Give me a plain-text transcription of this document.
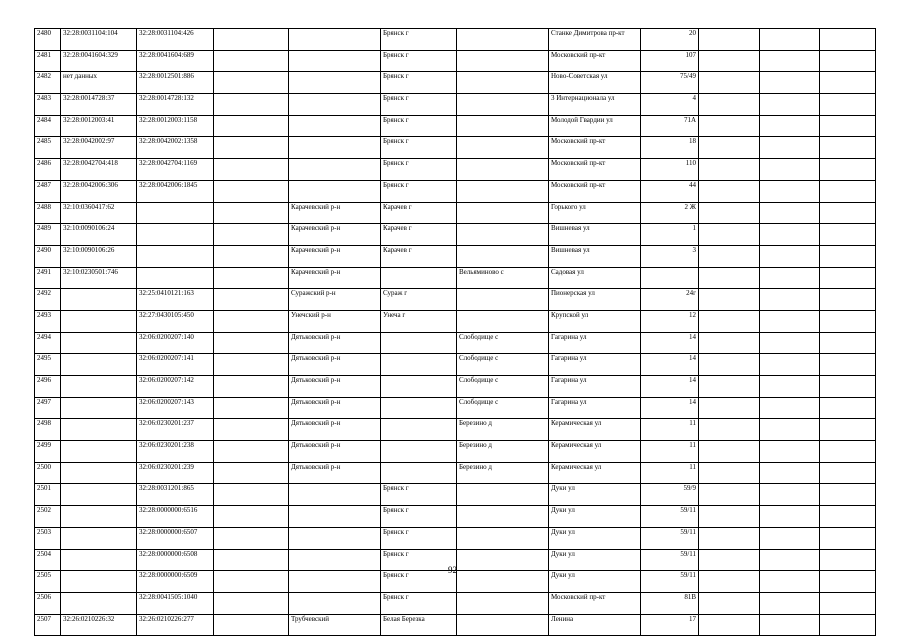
2480	32:28:0031104:104	32:28:0031104:426			Брянск г		Станке Димитрова пр-кт	20			
2481	32:28:0041604:329	32:28:0041604:689			Брянск г		Московский пр-кт	107			
2482	нет данных	32:28:0012501:886			Брянск г		Ново-Советская ул	75/49			
2483	32:28:0014728:37	32:28:0014728:132			Брянск г		3 Интернационала ул	4			
2484	32:28:0012003:41	32:28:0012003:1158			Брянск г		Молодой Гвардии ул	71А			
2485	32:28:0042002:97	32:28:0042002:1358			Брянск г		Московский пр-кт	18			
2486	32:28:0042704:418	32:28:0042704:1169			Брянск г		Московский пр-кт	110			
2487	32:28:0042006:306	32:28:0042006:1845			Брянск г		Московский пр-кт	44			
2488	32:10:0360417:62			Карачевский р-н	Карачев г		Горького ул	2 Ж			
2489	32:10:0090106:24			Карачевский р-н	Карачев г		Вишневая ул	1			
2490	32:10:0090106:26			Карачевский р-н	Карачев г		Вишневая ул	3			
2491	32:10:0230501:746			Карачевский р-н		Вельяминово с	Садовая ул				
2492		32:25:0410121:163		Суражский р-н	Сураж г		Пионерская ул	24г			
2493		32:27:0430105:450		Унечский р-н	Унеча г		Крупской ул	12			
2494		32:06:0200207:140		Дятьковский р-н		Слободище с	Гагарина ул	14			
2495		32:06:0200207:141		Дятьковский р-н		Слободище с	Гагарина ул	14			
2496		32:06:0200207:142		Дятьковский р-н		Слободище с	Гагарина ул	14			
2497		32:06:0200207:143		Дятьковский р-н		Слободище с	Гагарина ул	14			
2498		32:06:0230201:237		Дятьковский р-н		Березино д	Керамическая ул	11			
2499		32:06:0230201:238		Дятьковский р-н		Березино д	Керамическая ул	11			
2500		32:06:0230201:239		Дятьковский р-н		Березино д	Керамическая ул	11			
2501		32:28:0031201:865			Брянск г		Дуки ул	59/9			
2502		32:28:0000000:6516			Брянск г		Дуки ул	59/11			
2503		32:28:0000000:6507			Брянск г		Дуки ул	59/11			
2504		32:28:0000000:6508			Брянск г		Дуки ул	59/11			
2505		32:28:0000000:6509			Брянск г		Дуки ул	59/11			
2506		32:28:0041505:1040			Брянск г		Московский пр-кт	81В			
2507	32:26:0210226:32	32:26:0210226:277		Трубчевский	Белая Березка		Ленина	17			
92
